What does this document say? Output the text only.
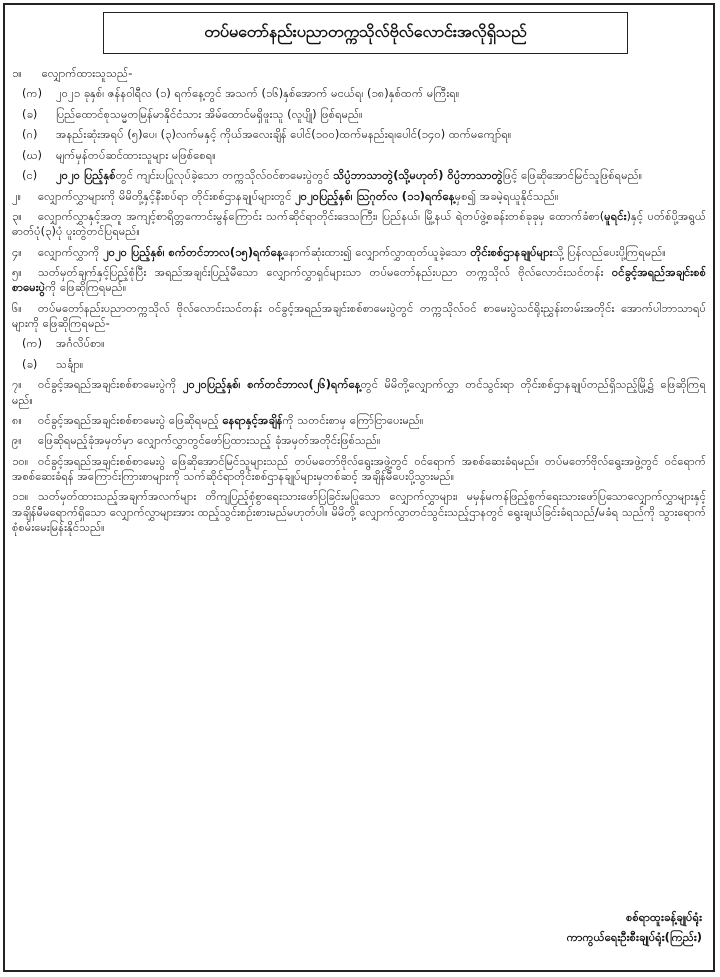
တပ်မတော်နည်းပညာတက္ကသိုလ်ဗိုလ်လောင်းအလိုရှိသည်

၁။ လျှောက်ထားသူသည်-

(က) ၂၀၂၁ ခုနှစ်၊ ဇန်နဝါရီလ (၁) ရက်နေ့တွင် အသက် (၁၆)နှစ်အောက် မငယ်ရ၊ (၁၈)နှစ်ထက် မကြီးရ။

(ခ) ပြည်ထောင်စုသမ္မတမြန်မာနိုင်ငံသား အိမ်ထောင်မရှိဖူးသူ (လူပျို) ဖြစ်ရမည်။

(ဂ) အနည်းဆုံးအရပ် (၅)ပေ၊ (၃)လက်မနှင့် ကိုယ်အလေးချိန် ပေါင်(၁၀၀)ထက်မနည်းရ၊ပေါင်(၁၄၀) ထက်မကျော်ရ။

(ဃ) မျက်မှန်တပ်ဆင်ထားသူများ မဖြစ်စေရ။

(င) ၂၀၂၀ ပြည့်နှစ်တွင် ကျင်းပပြုလုပ်ခဲ့သော တက္ကသိုလ်ဝင်စာမေးပွဲတွင် သိပ္ပံဘာသာတွဲ(သို့မဟုတ်) ဝိပ္ပံဘာသာတွဲဖြင့် ဖြေဆိုအောင်မြင်သူဖြစ်ရမည်။

၂။ လျှောက်လွှာများကို မိမိတို့နှင့်နီးစပ်ရာ တိုင်းစစ်ဌာနချုပ်များတွင် ၂၀၂၀ပြည့်နှစ်၊ ဩဂုတ်လ (၁၁)ရက်နေ့မှစ၍ အခမဲ့ရယူနိုင်သည်။

၃။ လျှောက်လွှာနှင့်အတူ အကျင့်စာရိတ္တကောင်းမွန်ကြောင်း သက်ဆိုင်ရာတိုင်းဒေသကြီး၊ ပြည်နယ်၊ မြို့နယ် ရဲတပ်ဖွဲ့စခန်းတစ်ခုခုမှ ထောက်ခံစာ(မူရင်း)နှင့် ပတ်စ်ပို့အရွယ်ဓာတ်ပုံ(၃)ပုံ ပူးတွဲတင်ပြရမည်။

၄။ လျှောက်လွှာကို ၂၀၂၀ ပြည့်နှစ်၊ စက်တင်ဘာလ(၁၅)ရက်နေ့နောက်ဆုံးထား၍ လျှောက်လွှာထုတ်ယူခဲ့သော တိုင်းစစ်ဌာနချုပ်များသို့ ပြန်လည်ပေးပို့ကြရမည်။

၅။ သတ်မှတ်ချက်နှင့်ပြည့်စုံပြီး အရည်အချင်းပြည့်မီသော လျှောက်လွှာရှင်များသာ တပ်မတော်နည်းပညာ တက္ကသိုလ် ဗိုလ်လောင်းသင်တန်း ဝင်ခွင့်အရည်အချင်းစစ်စာမေးပွဲကို ဖြေဆိုကြရမည်။

၆။ တပ်မတော်နည်းပညာတက္ကသိုလ် ဗိုလ်လောင်းသင်တန်း ဝင်ခွင့်အရည်အချင်းစစ်စာမေးပွဲတွင် တက္ကသိုလ်ဝင် စာမေးပွဲသင်ရိုးညွှန်းတမ်းအတိုင်း အောက်ပါဘာသာရပ်များကို ဖြေဆိုကြရမည်-

(က) အင်္ဂလိပ်စာ။

(ခ) သင်္ချာ။

၇။ ဝင်ခွင့်အရည်အချင်းစစ်စာမေးပွဲကို ၂၀၂၀ပြည့်နှစ်၊ စက်တင်ဘာလ(၂၆)ရက်နေ့တွင် မိမိတို့လျှောက်လွှာ တင်သွင်းရာ တိုင်းစစ်ဌာနချုပ်တည်ရှိသည့်မြို့၌ ဖြေဆိုကြရမည်။

၈။ ဝင်ခွင့်အရည်အချင်းစစ်စာမေးပွဲ ဖြေဆိုရမည့် နေရာနှင့်အချိန်ကို သတင်းစာမှ ကြော်ငြာပေးမည်။

၉။ ဖြေဆိုရမည့်ခုံအမှတ်မှာ လျှောက်လွှာတွင်ဖော်ပြထားသည့် ခုံအမှတ်အတိုင်းဖြစ်သည်။

၁၀။ ဝင်ခွင့်အရည်အချင်းစစ်စာမေးပွဲ ဖြေဆိုအောင်မြင်သူများသည် တပ်မတော်ဗိုလ်ရွေးအဖွဲ့တွင် ဝင်ရောက် အစစ်ဆေးခံရမည်။ တပ်မတော်ဗိုလ်ရွေးအဖွဲ့တွင် ဝင်ရောက်အစစ်ဆေးခံရန် အကြောင်းကြားစာများကို သက်ဆိုင်ရာတိုင်းစစ်ဌာနချုပ်များမှတစ်ဆင့် အချိန်မီပေးပို့သွားမည်။

၁၁။ သတ်မှတ်ထားသည့်အချက်အလက်များ တိကျပြည့်စုံစွာရေးသားဖော်ပြခြင်းမပြုသော လျှောက်လွှာများ၊ မမှန်မကန်ဖြည့်စွက်ရေးသားဖော်ပြသောလျှောက်လွှာများနှင့် အချိန်မီမရောက်ရှိသော လျှောက်လွှာများအား ထည့်သွင်းစဉ်းစားမည်မဟုတ်ပါ။ မိမိတို့ လျှောက်လွှာတင်သွင်းသည့်ဌာနတွင် ရွေးချယ်ခြင်းခံရသည်/မခံရ သည်ကို သွားရောက်စုံစမ်းမေးမြန်းနိုင်သည်။

စစ်ရာထူးခန့်ချုပ်ရုံး
ကာကွယ်ရေးဦးစီးချုပ်ရုံး(ကြည်း)
